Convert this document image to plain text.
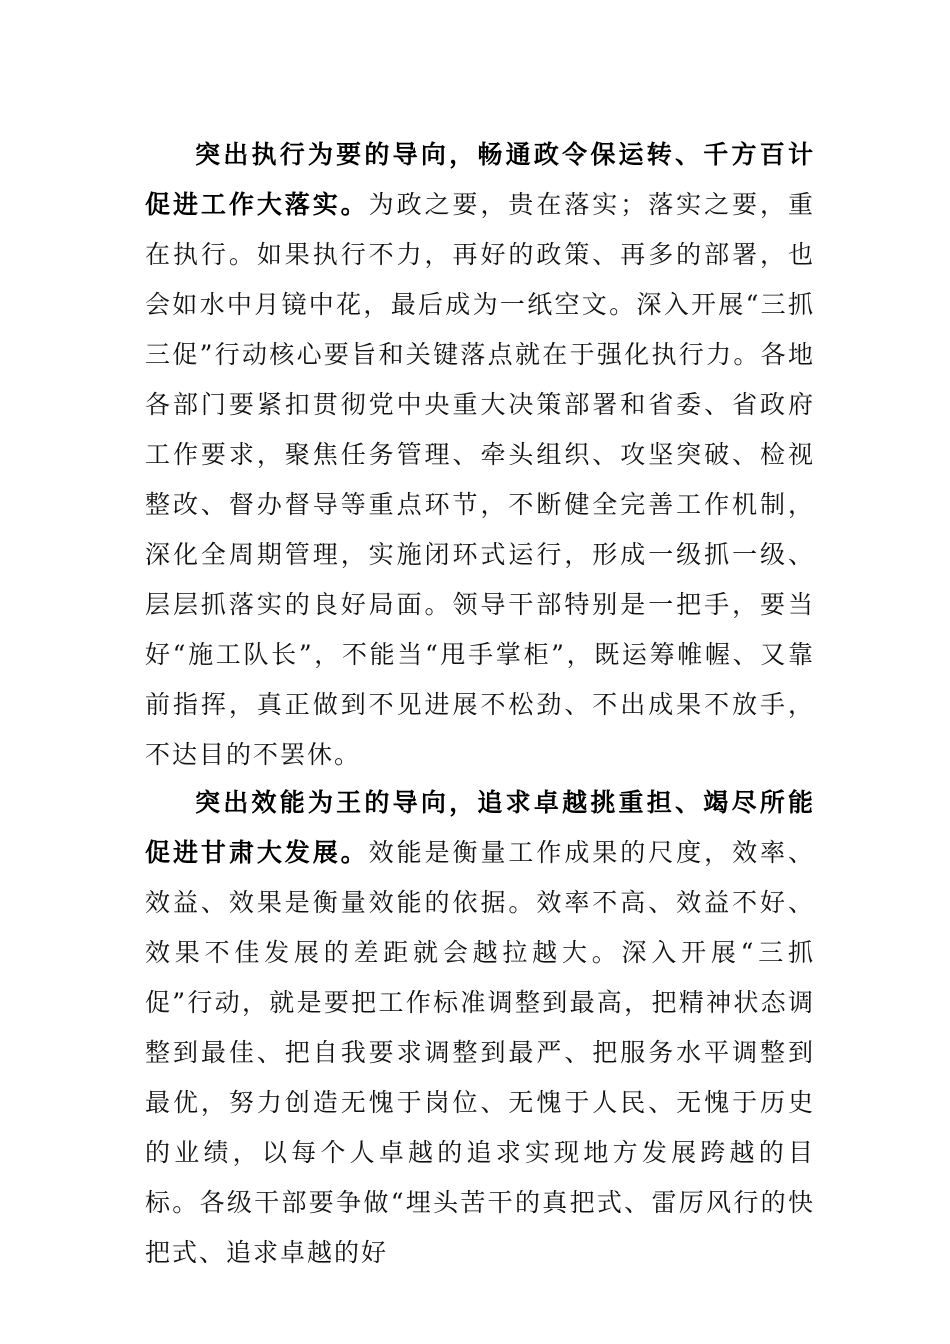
突出执行为要的导向，畅通政令保运转、千方百计促进工作大落实。为政之要，贵在落实；落实之要，重在执行。如果执行不力，再好的政策、再多的部署，也会如水中月镜中花，最后成为一纸空文。深入开展“三抓三促”行动核心要旨和关键落点就在于强化执行力。各地各部门要紧扣贯彻党中央重大决策部署和省委、省政府工作要求，聚焦任务管理、牵头组织、攻坚突破、检视整改、督办督导等重点环节，不断健全完善工作机制，深化全周期管理，实施闭环式运行，形成一级抓一级、层层抓落实的良好局面。领导干部特别是一把手，要当好“施工队长”，不能当“甩手掌柜”，既运筹帷幄、又靠前指挥，真正做到不见进展不松劲、不出成果不放手，不达目的不罢休。

突出效能为王的导向，追求卓越挑重担、竭尽所能促进甘肃大发展。效能是衡量工作成果的尺度，效率、效益、效果是衡量效能的依据。效率不高、效益不好、效果不佳发展的差距就会越拉越大。深入开展“三抓促”行动，就是要把工作标准调整到最高，把精神状态调整到最佳、把自我要求调整到最严、把服务水平调整到最优，努力创造无愧于岗位、无愧于人民、无愧于历史的业绩，以每个人卓越的追求实现地方发展跨越的目标。各级干部要争做“埋头苦干的真把式、雷厉风行的快把式、追求卓越的好
